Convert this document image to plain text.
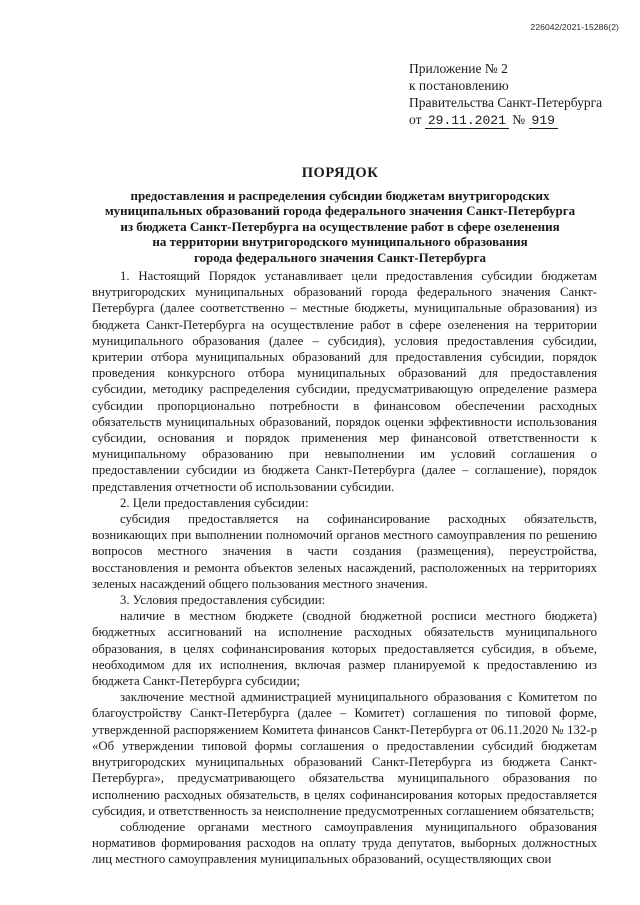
226042/2021-15286(2)
Приложение № 2
к постановлению
Правительства Санкт-Петербурга
от 29.11.2021 № 919
ПОРЯДОК
предоставления и распределения субсидии бюджетам внутригородских
муниципальных образований города федерального значения Санкт-Петербурга
из бюджета Санкт-Петербурга на осуществление работ в сфере озеленения
на территории внутригородского муниципального образования
города федерального значения Санкт-Петербурга

1. Настоящий Порядок устанавливает цели предоставления субсидии бюджетам внутригородских муниципальных образований города федерального значения Санкт-Петербурга (далее соответственно – местные бюджеты, муниципальные образования) из бюджета Санкт-Петербурга на осуществление работ в сфере озеленения на территории муниципального образования (далее – субсидия), условия предоставления субсидии, критерии отбора муниципальных образований для предоставления субсидии, порядок проведения конкурсного отбора муниципальных образований для предоставления субсидии, методику распределения субсидии, предусматривающую определение размера субсидии пропорционально потребности в финансовом обеспечении расходных обязательств муниципальных образований, порядок оценки эффективности использования субсидии, основания и порядок применения мер финансовой ответственности к муниципальному образованию при невыполнении им условий соглашения о предоставлении субсидии из бюджета Санкт-Петербурга (далее – соглашение), порядок представления отчетности об использовании субсидии.

2. Цели предоставления субсидии:

субсидия предоставляется на софинансирование расходных обязательств, возникающих при выполнении полномочий органов местного самоуправления по решению вопросов местного значения в части создания (размещения), переустройства, восстановления и ремонта объектов зеленых насаждений, расположенных на территориях зеленых насаждений общего пользования местного значения.

3. Условия предоставления субсидии:

наличие в местном бюджете (сводной бюджетной росписи местного бюджета) бюджетных ассигнований на исполнение расходных обязательств муниципального образования, в целях софинансирования которых предоставляется субсидия, в объеме, необходимом для их исполнения, включая размер планируемой к предоставлению из бюджета Санкт-Петербурга субсидии;

заключение местной администрацией муниципального образования с Комитетом по благоустройству Санкт-Петербурга (далее – Комитет) соглашения по типовой форме, утвержденной распоряжением Комитета финансов Санкт-Петербурга от 06.11.2020 № 132-р «Об утверждении типовой формы соглашения о предоставлении субсидий бюджетам внутригородских муниципальных образований Санкт-Петербурга из бюджета Санкт-Петербурга», предусматривающего обязательства муниципального образования по исполнению расходных обязательств, в целях софинансирования которых предоставляется субсидия, и ответственность за неисполнение предусмотренных соглашением обязательств;

соблюдение органами местного самоуправления муниципального образования нормативов формирования расходов на оплату труда депутатов, выборных должностных лиц местного самоуправления муниципальных образований, осуществляющих свои
